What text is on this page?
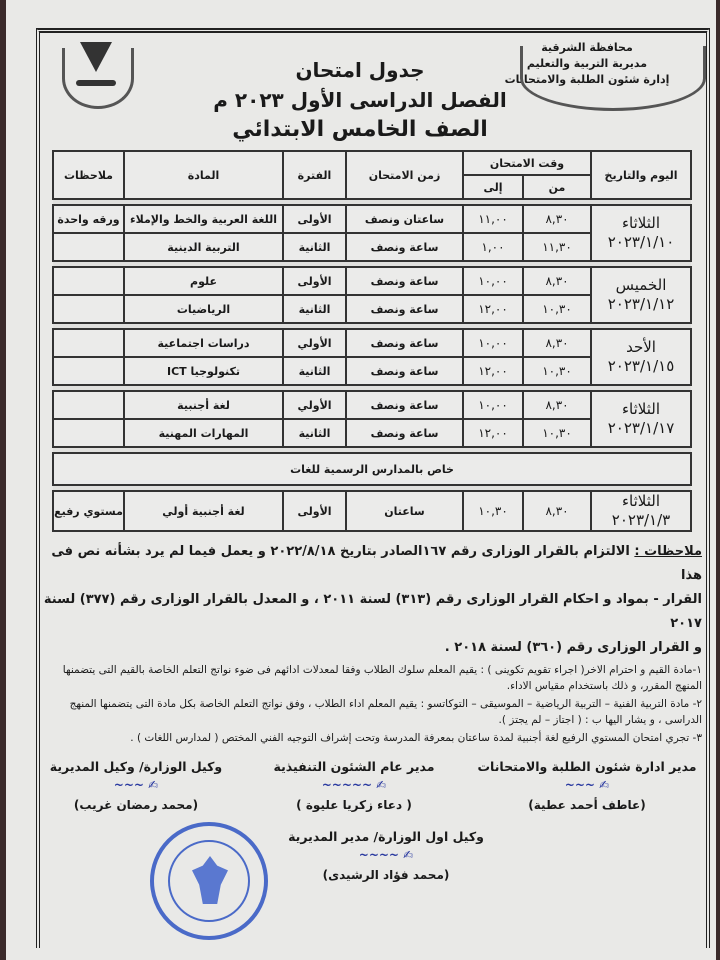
محافظة الشرقية
مديرية التربية والتعليم
إدارة شئون الطلبة والامتحانات
جدول امتحان
الفصل الدراسى الأول ٢٠٢٣ م
الصف الخامس الابتدائي
اليوم والتاريخ	وقت الامتحان		زمن الامتحان	الفترة	المادة	ملاحظات
	من	إلى				

الثلاثاء
٢٠٢٣/١/١٠	٨,٣٠	١١,٠٠	ساعتان ونصف	الأولى	اللغة العربية والخط والإملاء	ورقه واحدة
	١١,٣٠	١,٠٠	ساعة ونصف	الثانية	التربية الدينية	

الخميس
٢٠٢٣/١/١٢	٨,٣٠	١٠,٠٠	ساعة ونصف	الأولى	علوم	
	١٠,٣٠	١٢,٠٠	ساعة ونصف	الثانية	الرياضيات	

الأحد
٢٠٢٣/١/١٥	٨,٣٠	١٠,٠٠	ساعة ونصف	الأولي	دراسات اجتماعية	
	١٠,٣٠	١٢,٠٠	ساعة ونصف	الثانية	تكنولوجيا ICT	

الثلاثاء
٢٠٢٣/١/١٧	٨,٣٠	١٠,٠٠	ساعة ونصف	الأولي	لغة أجنبية	
	١٠,٣٠	١٢,٠٠	ساعة ونصف	الثانية	المهارات المهنية	

خاص بالمدارس الرسمية للغات						

الثلاثاء
٢٠٢٣/١/٣	٨,٣٠	١٠,٣٠	ساعتان	الأولى	لغة أجنبية أولي	مستوي رفيع
ملاحظات : الالتزام بالقرار الوزارى رقم ١٦٧الصادر بتاريخ ٢٠٢٢/٨/١٨ و يعمل فيما لم يرد بشأنه نص فى هذا
القرار - بمواد و احكام القرار الوزارى رقم (٣١٣) لسنة ٢٠١١ ، و المعدل بالقرار الوزارى رقم (٣٧٧) لسنة ٢٠١٧
و القرار الوزارى رقم (٣٦٠) لسنة ٢٠١٨ .
١-مادة القيم و احترام الاخر( اجراء تقويم تكوينى ) : يقيم المعلم سلوك الطلاب وفقا لمعدلات ادائهم فى ضوء نواتج التعلم الخاصة بالقيم التى يتضمنها المنهج المقرر، و ذلك باستخدام مقياس الاداء.
٢- مادة التربية الفنية – التربية الرياضية – الموسيقى – التوكاتسو : يقيم المعلم اداء الطلاب ، وفق نواتج التعلم الخاصة بكل مادة التى يتضمنها المنهج الدراسى ، و يشار اليها ب : ( اجتاز – لم يجتز ).
٣- تجري امتحان المستوي الرفيع لغة أجنبية لمدة ساعتان بمعرفة المدرسة وتحت إشراف التوجيه الفني المختص ( لمدارس اللغات ) .
مدير ادارة شئون الطلبة والامتحانات
✍ ~~~
(عاطف أحمد عطية)
مدير عام الشئون التنفيذية
✍ ~~~~~
( دعاء زكريا عليوة )
وكيل الوزارة/ وكيل المديرية
✍ ~~~
(محمد رمضان غريب)
وكيل اول الوزارة/ مدير المديرية
✍ ~~~~
(محمد فؤاد الرشيدى)
